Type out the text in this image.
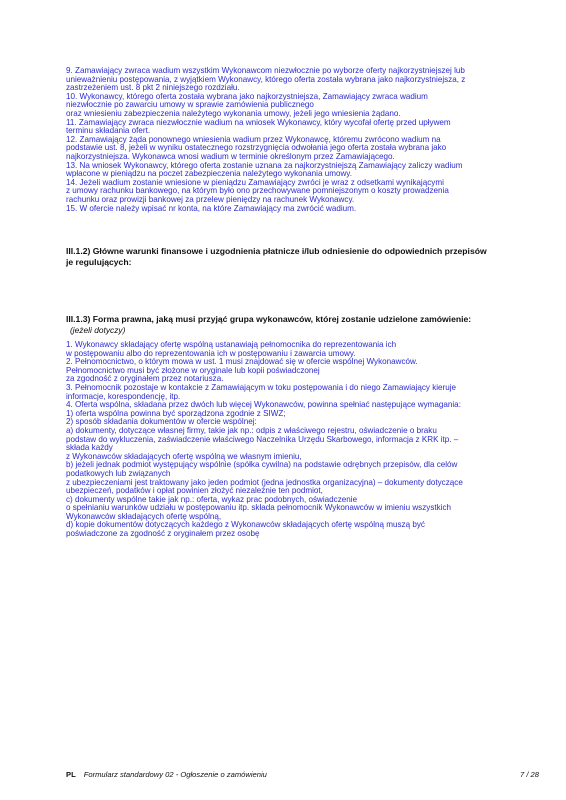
9. Zamawiający zwraca wadium wszystkim Wykonawcom niezwłocznie po wyborze oferty najkorzystniejszej lub

unieważnieniu postępowania, z wyjątkiem Wykonawcy, którego oferta została wybrana jako najkorzystniejsza, z

zastrzeżeniem ust. 8 pkt 2 niniejszego rozdziału.

10. Wykonawcy, którego oferta została wybrana jako najkorzystniejsza, Zamawiający zwraca wadium

niezwłocznie po zawarciu umowy w sprawie zamówienia publicznego

oraz wniesieniu zabezpieczenia należytego wykonania umowy, jeżeli jego wniesienia żądano.

11. Zamawiający zwraca niezwłocznie wadium na wniosek Wykonawcy, który wycofał ofertę przed upływem

terminu składania ofert.

12. Zamawiający żąda ponownego wniesienia wadium przez Wykonawcę, któremu zwrócono wadium na

podstawie ust. 8, jeżeli w wyniku ostatecznego rozstrzygnięcia odwołania jego oferta została wybrana jako

najkorzystniejsza. Wykonawca wnosi wadium w terminie określonym przez Zamawiającego.

13. Na wniosek Wykonawcy, którego oferta zostanie uznana za najkorzystniejszą Zamawiający zaliczy wadium

wpłacone w pieniądzu na poczet zabezpieczenia należytego wykonania umowy.

14. Jeżeli wadium zostanie wniesione w pieniądzu Zamawiający zwróci je wraz z odsetkami wynikającymi

z umowy rachunku bankowego, na którym było ono przechowywane pomniejszonym o koszty prowadzenia

rachunku oraz prowizji bankowej za przelew pieniędzy na rachunek Wykonawcy.

15. W ofercie należy wpisać nr konta, na które Zamawiający ma zwrócić wadium.

III.1.2) Główne warunki finansowe i uzgodnienia płatnicze i/lub odniesienie do odpowiednich przepisów
je regulujących:
III.1.3) Forma prawna, jaką musi przyjąć grupa wykonawców, której zostanie udzielone zamówienie:
(jeżeli dotyczy)

1. Wykonawcy składający ofertę wspólną ustanawiają pełnomocnika do reprezentowania ich

w postępowaniu albo do reprezentowania ich w postępowaniu i zawarcia umowy.

2. Pełnomocnictwo, o którym mowa w ust. 1 musi znajdować się w ofercie wspólnej Wykonawców.

Pełnomocnictwo musi być złożone w oryginale lub kopii poświadczonej

za zgodność z oryginałem przez notariusza.

3. Pełnomocnik pozostaje w kontakcie z Zamawiającym w toku postępowania i do niego Zamawiający kieruje

informacje, korespondencję, itp.

4. Oferta wspólna, składana przez dwóch lub więcej Wykonawców, powinna spełniać następujące wymagania:

1) oferta wspólna powinna być sporządzona zgodnie z SIWZ;

2) sposób składania dokumentów w ofercie wspólnej:

a) dokumenty, dotyczące własnej firmy, takie jak np.: odpis z właściwego rejestru, oświadczenie o braku

podstaw do wykluczenia, zaświadczenie właściwego Naczelnika Urzędu Skarbowego, informacja z KRK itp. –

składa każdy

z Wykonawców składających ofertę wspólną we własnym imieniu,

b) jeżeli jednak podmiot występujący wspólnie (spółka cywilna) na podstawie odrębnych przepisów, dla celów

podatkowych lub związanych

z ubezpieczeniami jest traktowany jako jeden podmiot (jedna jednostka organizacyjna) – dokumenty dotyczące

ubezpieczeń, podatków i opłat powinien złożyć niezależnie ten podmiot,

c) dokumenty wspólne takie jak np.: oferta, wykaz prac podobnych, oświadczenie

o spełnianiu warunków udziału w postępowaniu itp. składa pełnomocnik Wykonawców w imieniu wszystkich

Wykonawców składających ofertę wspólną,

d) kopie dokumentów dotyczących każdego z Wykonawców składających ofertę wspólną muszą być

poświadczone za zgodność z oryginałem przez osobę

PL Formularz standardowy 02 - Ogłoszenie o zamówieniu	7 / 28
